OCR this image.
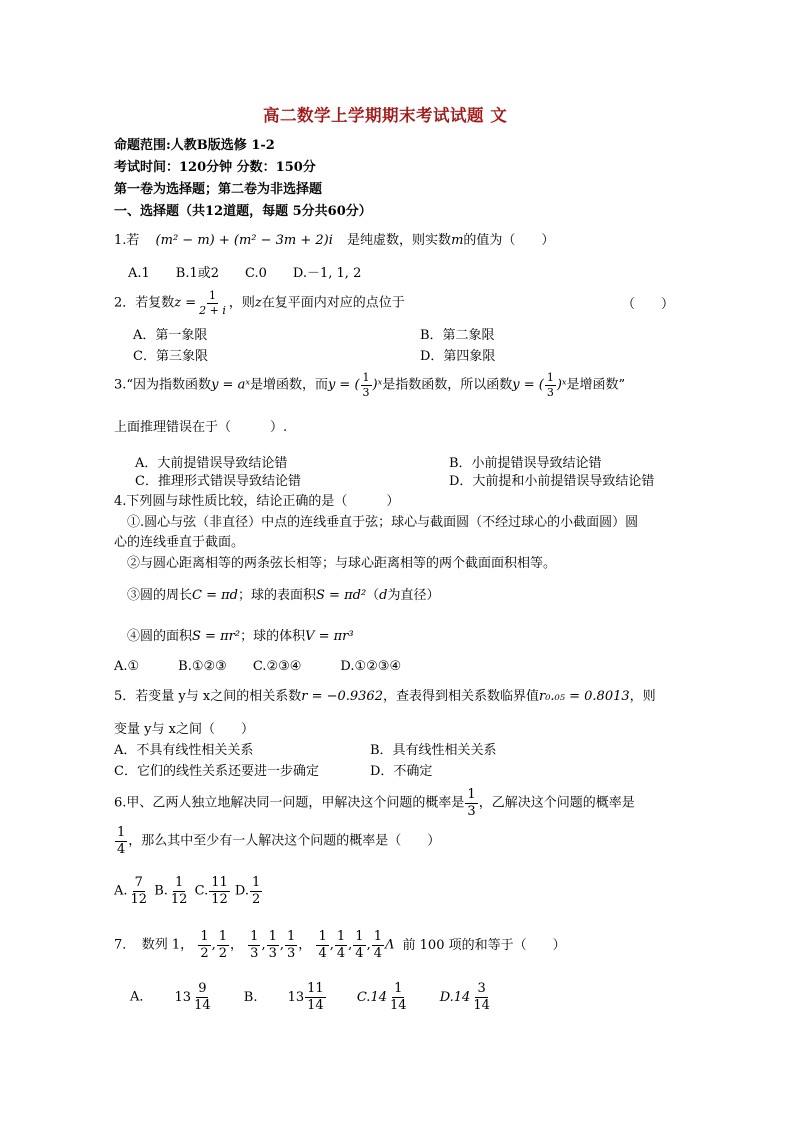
高二数学上学期期末考试试题 文
命题范围:人教B版选修 1-2
考试时间：120分钟 分数：150分
第一卷为选择题；第二卷为非选择题
一、选择题（共12道题，每题 5分共60分）
1.若 (m² − m) + (m² − 3m + 2)i 是纯虚数，则实数m的值为（　　）
A.1　　B.1或2　　C.0　　D.－1, 1, 2
2．若复数$z = \frac{1}{2 + i}$ ，则z在复平面内对应的点位于	（　　）
A．第一象限	B．第二象限
C．第三象限	D．第四象限
3.“因为指数函数y = aˣ是增函数，而y = ( $\frac{1}{3}$ )ˣ是指数函数，所以函数y = ( $\frac{1}{3}$ )ˣ是增函数”
上面推理错误在于（　　　）.
A．大前提错误导致结论错	B．小前提错误导致结论错
C．推理形式错误导致结论错	D．大前提和小前提错误导致结论错
4.下列圆与球性质比较，结论正确的是（　　　）
　①.圆心与弦（非直径）中点的连线垂直于弦；球心与截面圆（不经过球心的小截面圆）圆
心的连线垂直于截面。
　②与圆心距离相等的两条弦长相等；与球心距离相等的两个截面面积相等。
　③圆的周长C = πd；球的表面积S = πd²（d为直径）
　④圆的面积S = πr²；球的体积V = πr³
A.①　　　B.①②③　　C.②③④　　　D.①②③④
5．若变量 y与 x之间的相关系数r = −0.9362，查表得到相关系数临界值r₀.₀₅ = 0.8013，则
变量 y与 x之间（　　）
A．不具有线性相关关系	B．具有线性相关关系
C．它们的线性关系还要进一步确定	D．不确定
6.甲、乙两人独立地解决同一问题，甲解决这个问题的概率是 $\frac{1}{3}$ ，乙解决这个问题的概率是
$\frac{1}{4}$ ，那么其中至少有一人解决这个问题的概率是（　　）
A. $\frac{7}{12} B$. $\frac{1}{12} C$. $\frac{11}{12} D$. $\frac{1}{2}$
7．　数列 1， $\frac{1}{2}$ , $\frac{1}{2}$ ， $\frac{1}{3}$ , $\frac{1}{3}$ , $\frac{1}{3}$ ， $\frac{1}{4}$ , $\frac{1}{4}$ , $\frac{1}{4}$ , $\frac{1}{4}$ Λ 前 100 项的和等于（　　）
A． $13 \frac{9}{14} B$. $13 \frac{11}{14} C.14 \frac{1}{14} D.14 \frac{3}{14}$
